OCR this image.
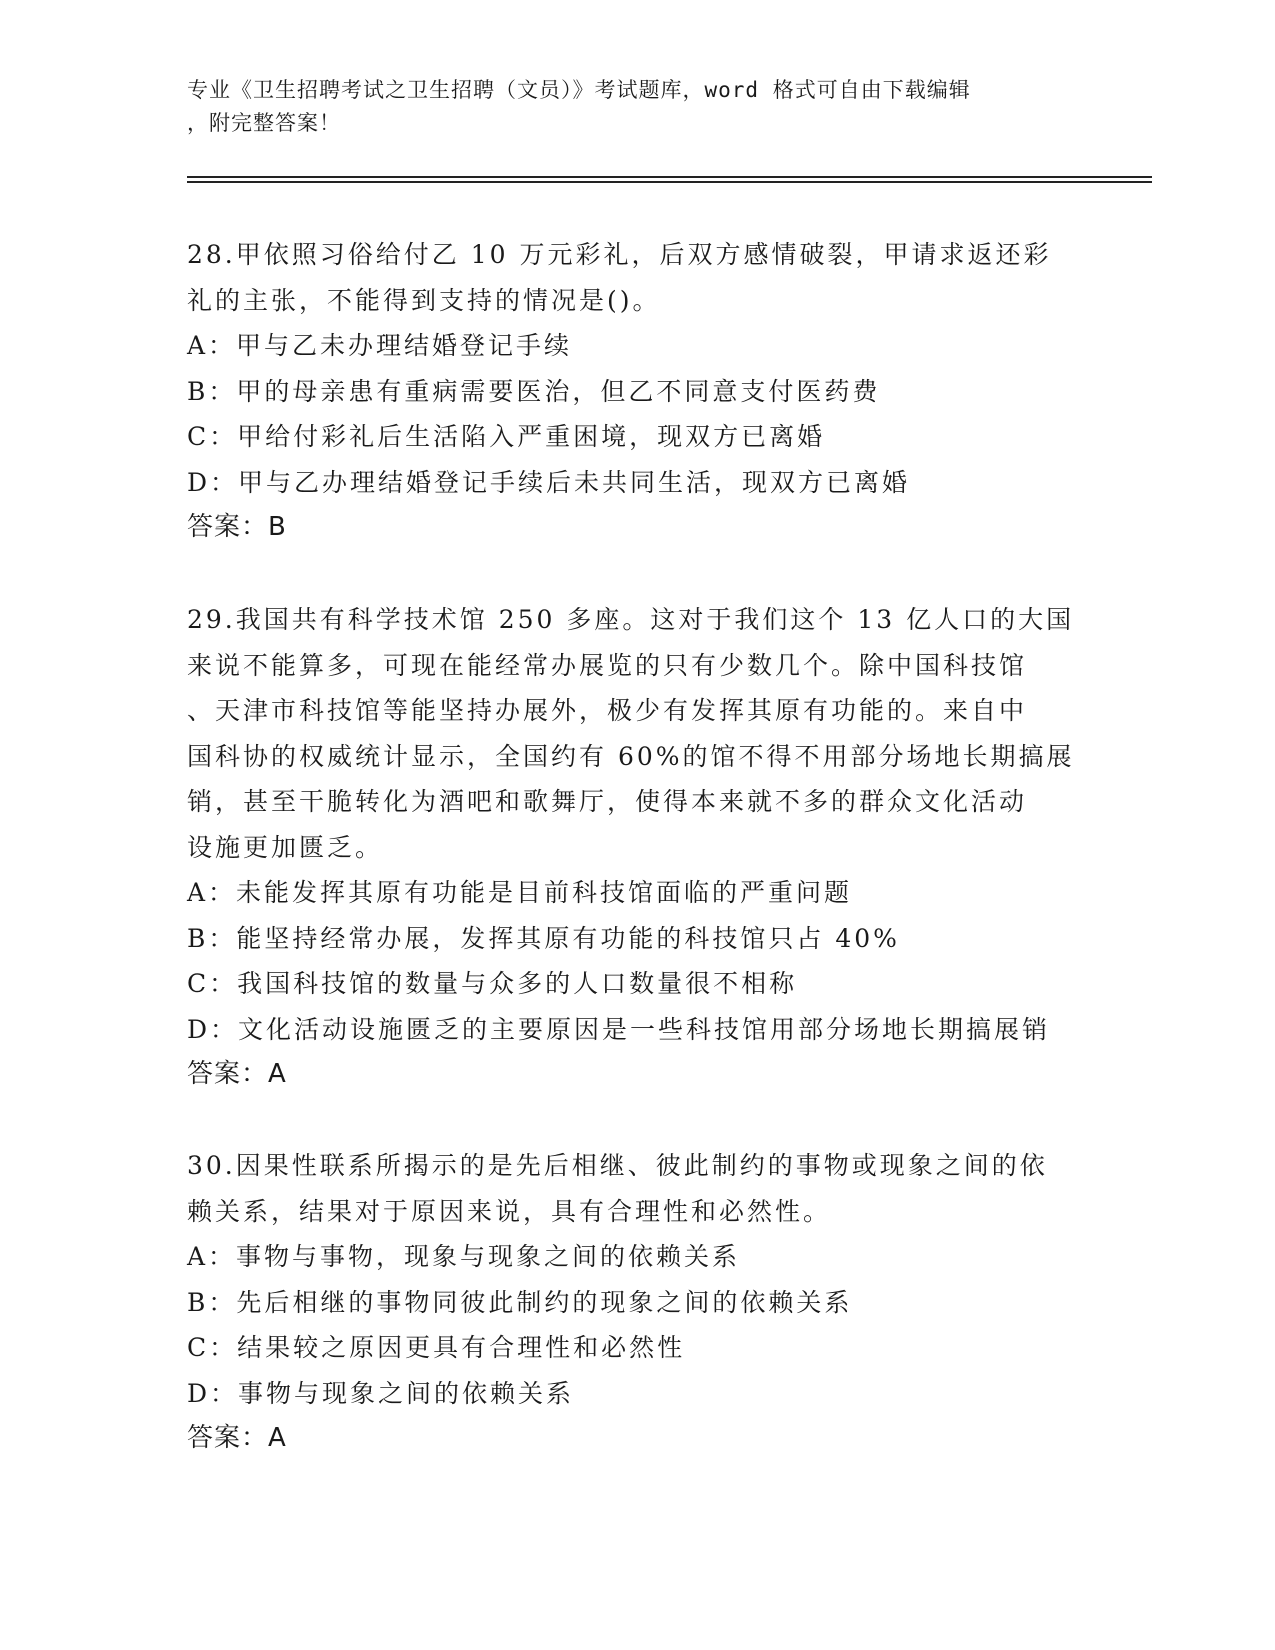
专业《卫生招聘考试之卫生招聘（文员）》考试题库，word 格式可自由下载编辑
，附完整答案！
28.甲依照习俗给付乙 10 万元彩礼，后双方感情破裂，甲请求返还彩
礼的主张，不能得到支持的情况是()。
A：甲与乙未办理结婚登记手续
B：甲的母亲患有重病需要医治，但乙不同意支付医药费
C：甲给付彩礼后生活陷入严重困境，现双方已离婚
D：甲与乙办理结婚登记手续后未共同生活，现双方已离婚
答案：B
29.我国共有科学技术馆 250 多座。这对于我们这个 13 亿人口的大国
来说不能算多，可现在能经常办展览的只有少数几个。除中国科技馆
、天津市科技馆等能坚持办展外，极少有发挥其原有功能的。来自中
国科协的权威统计显示，全国约有 60%的馆不得不用部分场地长期搞展
销，甚至干脆转化为酒吧和歌舞厅，使得本来就不多的群众文化活动
设施更加匮乏。
A：未能发挥其原有功能是目前科技馆面临的严重问题
B：能坚持经常办展，发挥其原有功能的科技馆只占 40%
C：我国科技馆的数量与众多的人口数量很不相称
D：文化活动设施匮乏的主要原因是一些科技馆用部分场地长期搞展销
答案：A
30.因果性联系所揭示的是先后相继、彼此制约的事物或现象之间的依
赖关系，结果对于原因来说，具有合理性和必然性。
A：事物与事物，现象与现象之间的依赖关系
B：先后相继的事物同彼此制约的现象之间的依赖关系
C：结果较之原因更具有合理性和必然性
D：事物与现象之间的依赖关系
答案：A
